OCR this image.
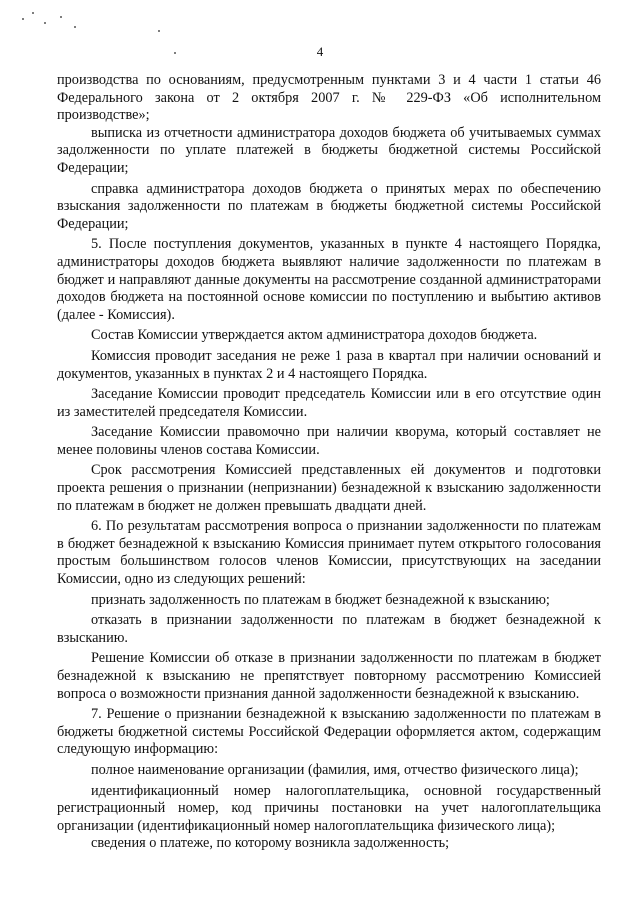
4

производства по основаниям, предусмотренным пунктами 3 и 4 части 1 статьи 46 Федерального закона от 2 октября 2007 г. № 229-ФЗ «Об исполнительном производстве»;

выписка из отчетности администратора доходов бюджета об учитываемых суммах задолженности по уплате платежей в бюджеты бюджетной системы Российской Федерации;

справка администратора доходов бюджета о принятых мерах по обеспечению взыскания задолженности по платежам в бюджеты бюджетной системы Российской Федерации;

5. После поступления документов, указанных в пункте 4 настоящего Порядка, администраторы доходов бюджета выявляют наличие задолженности по платежам в бюджет и направляют данные документы на рассмотрение созданной администраторами доходов бюджета на постоянной основе комиссии по поступлению и выбытию активов (далее - Комиссия).

Состав Комиссии утверждается актом администратора доходов бюджета.

Комиссия проводит заседания не реже 1 раза в квартал при наличии оснований и документов, указанных в пунктах 2 и 4 настоящего Порядка.

Заседание Комиссии проводит председатель Комиссии или в его отсутствие один из заместителей председателя Комиссии.

Заседание Комиссии правомочно при наличии кворума, который составляет не менее половины членов состава Комиссии.

Срок рассмотрения Комиссией представленных ей документов и подготовки проекта решения о признании (непризнании) безнадежной к взысканию задолженности по платежам в бюджет не должен превышать двадцати дней.

6. По результатам рассмотрения вопроса о признании задолженности по платежам в бюджет безнадежной к взысканию Комиссия принимает путем открытого голосования простым большинством голосов членов Комиссии, присутствующих на заседании Комиссии, одно из следующих решений:

признать задолженность по платежам в бюджет безнадежной к взысканию;

отказать в признании задолженности по платежам в бюджет безнадежной к взысканию.

Решение Комиссии об отказе в признании задолженности по платежам в бюджет безнадежной к взысканию не препятствует повторному рассмотрению Комиссией вопроса о возможности признания данной задолженности безнадежной к взысканию.

7. Решение о признании безнадежной к взысканию задолженности по платежам в бюджеты бюджетной системы Российской Федерации оформляется актом, содержащим следующую информацию:

полное наименование организации (фамилия, имя, отчество физического лица);

идентификационный номер налогоплательщика, основной государственный регистрационный номер, код причины постановки на учет налогоплательщика организации (идентификационный номер налогоплательщика физического лица);

сведения о платеже, по которому возникла задолженность;
